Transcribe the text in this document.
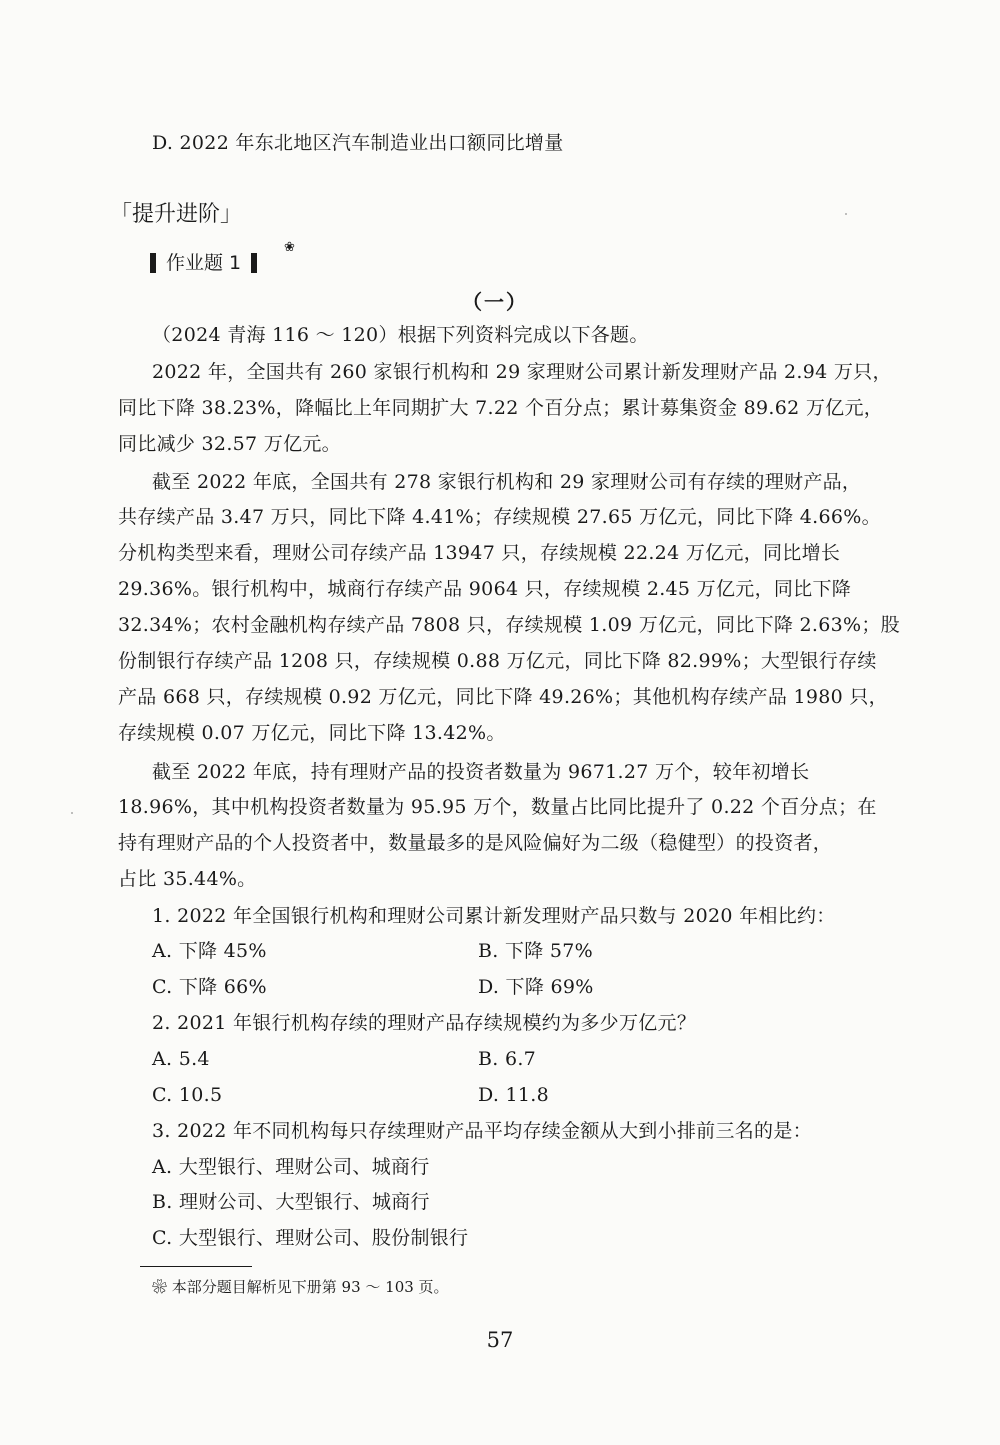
D. 2022 年东北地区汽车制造业出口额同比增量
「提升进阶」
作业题 1
❀
（一）
（2024 青海 116 ～ 120）根据下列资料完成以下各题。
2022 年，全国共有 260 家银行机构和 29 家理财公司累计新发理财产品 2.94 万只，
同比下降 38.23%，降幅比上年同期扩大 7.22 个百分点；累计募集资金 89.62 万亿元，
同比减少 32.57 万亿元。
截至 2022 年底，全国共有 278 家银行机构和 29 家理财公司有存续的理财产品，
共存续产品 3.47 万只，同比下降 4.41%；存续规模 27.65 万亿元，同比下降 4.66%。
分机构类型来看，理财公司存续产品 13947 只，存续规模 22.24 万亿元，同比增长
29.36%。银行机构中，城商行存续产品 9064 只，存续规模 2.45 万亿元，同比下降
32.34%；农村金融机构存续产品 7808 只，存续规模 1.09 万亿元，同比下降 2.63%；股
份制银行存续产品 1208 只，存续规模 0.88 万亿元，同比下降 82.99%；大型银行存续
产品 668 只，存续规模 0.92 万亿元，同比下降 49.26%；其他机构存续产品 1980 只，
存续规模 0.07 万亿元，同比下降 13.42%。
截至 2022 年底，持有理财产品的投资者数量为 9671.27 万个，较年初增长
18.96%，其中机构投资者数量为 95.95 万个，数量占比同比提升了 0.22 个百分点；在
持有理财产品的个人投资者中，数量最多的是风险偏好为二级（稳健型）的投资者，
占比 35.44%。
1. 2022 年全国银行机构和理财公司累计新发理财产品只数与 2020 年相比约：
A. 下降 45%	B. 下降 57%
C. 下降 66%	D. 下降 69%
2. 2021 年银行机构存续的理财产品存续规模约为多少万亿元？
A. 5.4	B. 6.7
C. 10.5	D. 11.8
3. 2022 年不同机构每只存续理财产品平均存续金额从大到小排前三名的是：
A. 大型银行、理财公司、城商行
B. 理财公司、大型银行、城商行
C. 大型银行、理财公司、股份制银行
❀ 本部分题目解析见下册第 93 ～ 103 页。
57
